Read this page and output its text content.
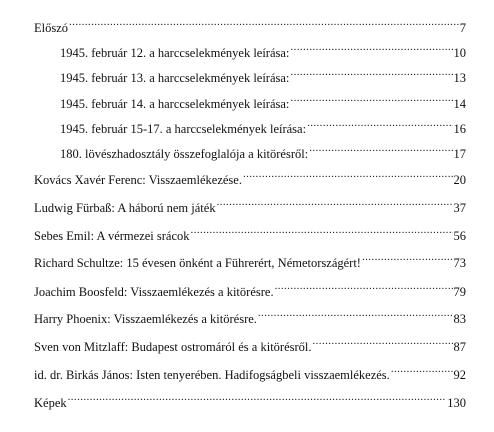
Előszó .....	7
1945. február 12. a harccselekmények leírása: .....	10
1945. február 13. a harccselekmények leírása: .....	13
1945. február 14. a harccselekmények leírása: .....	14
1945. február 15-17. a harccselekmények leírása: .....	16
180. lövészhadosztály összefoglalója a kitörésről: .....	17
Kovács Xavér Ferenc: Visszaemlékezése. .....	20
Ludwig Fürbaß: A háború nem játék .....	37
Sebes Emil: A vérmezei srácok .....	56
Richard Schultze: 15 évesen önként a Führerért, Németországért! .....	73
Joachim Boosfeld: Visszaemlékezés a kitörésre. .....	79
Harry Phoenix: Visszaemlékezés a kitörésre. .....	83
Sven von Mitzlaff: Budapest ostromáról és a kitörésről. .....	87
id. dr. Birkás János: Isten tenyerében. Hadifogságbeli visszaemlékezés. .....	92
Képek .....	130
